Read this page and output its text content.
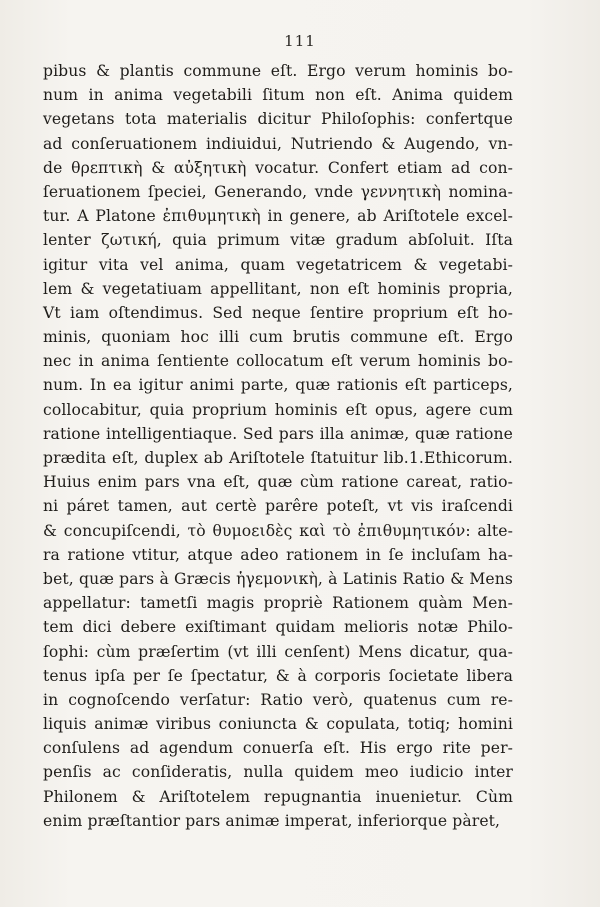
111
pibus & plantis commune eſt. Ergo verum hominis bo-
num in anima vegetabili ſitum non eſt. Anima quidem
vegetans tota materialis dicitur Philoſophis: confertque
ad conſeruationem indiuidui, Nutriendo & Augendo, vn-
de θρεπτικὴ & αὐξητικὴ vocatur. Confert etiam ad con-
ſeruationem ſpeciei, Generando, vnde γεννητικὴ nomina-
tur. A Platone ἐπιθυμητικὴ in genere, ab Ariſtotele excel-
lenter ζωτική, quia primum vitæ gradum abſoluit. Iſta
igitur vita vel anima, quam vegetatricem & vegetabi-
lem & vegetatiuam appellitant, non eſt hominis propria,
Vt iam oſtendimus. Sed neque ſentire proprium eſt ho-
minis, quoniam hoc illi cum brutis commune eſt. Ergo
nec in anima ſentiente collocatum eſt verum hominis bo-
num. In ea igitur animi parte, quæ rationis eſt particeps,
collocabitur, quia proprium hominis eſt opus, agere cum
ratione intelligentiaque. Sed pars illa animæ, quæ ratione
prædita eſt, duplex ab Ariſtotele ſtatuitur lib.1.Ethicorum.
Huius enim pars vna eſt, quæ cùm ratione careat, ratio-
ni páret tamen, aut certè parêre poteſt, vt vis iraſcendi
& concupiſcendi, τὸ θυμοειδὲς καὶ τὸ ἐπιθυμητικόν: alte-
ra ratione vtitur, atque adeo rationem in ſe incluſam ha-
bet, quæ pars à Græcis ἡγεμονικὴ, à Latinis Ratio & Mens
appellatur: tametſi magis propriè Rationem quàm Men-
tem dici debere exiſtimant quidam melioris notæ Philo-
ſophi: cùm præſertim (vt illi cenſent) Mens dicatur, qua-
tenus ipſa per ſe ſpectatur, & à corporis ſocietate libera
in cognoſcendo verſatur: Ratio verò, quatenus cum re-
liquis animæ viribus coniuncta & copulata, totiq; homini
conſulens ad agendum conuerſa eſt. His ergo rite per-
penſis ac conſideratis, nulla quidem meo iudicio inter
Philonem & Ariſtotelem repugnantia inuenietur. Cùm
enim præſtantior pars animæ imperat, inferiorque pàret,
